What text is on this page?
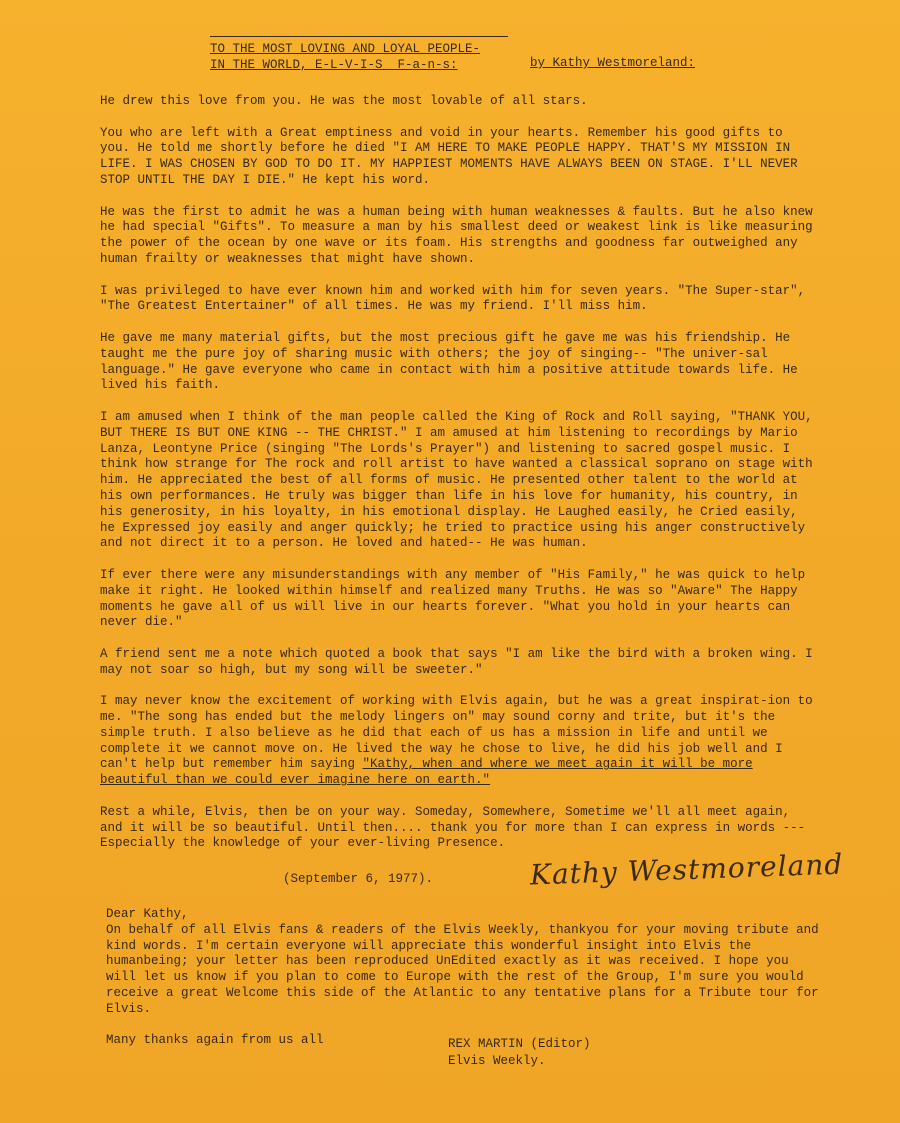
TO THE MOST LOVING AND LOYAL PEOPLE-
IN THE WORLD, E-L-V-I-S  F-a-n-s:	by Kathy Westmoreland:

He drew this love from you. He was the most lovable of all stars.

You who are left with a Great emptiness and void in your hearts. Remember his good gifts to you. He told me shortly before he died "I AM HERE TO MAKE PEOPLE HAPPY. THAT'S MY MISSION IN LIFE. I WAS CHOSEN BY GOD TO DO IT. MY HAPPIEST MOMENTS HAVE ALWAYS BEEN ON STAGE. I'LL NEVER STOP UNTIL THE DAY I DIE." He kept his word.

He was the first to admit he was a human being with human weaknesses & faults. But he also knew he had special "Gifts". To measure a man by his smallest deed or weakest link is like measuring the power of the ocean by one wave or its foam. His strengths and goodness far outweighed any human frailty or weaknesses that might have shown.

I was privileged to have ever known him and worked with him for seven years. "The Super-star", "The Greatest Entertainer" of all times. He was my friend. I'll miss him.

He gave me many material gifts, but the most precious gift he gave me was his friendship. He taught me the pure joy of sharing music with others; the joy of singing-- "The univer-sal language." He gave everyone who came in contact with him a positive attitude towards life. He lived his faith.

I am amused when I think of the man people called the King of Rock and Roll saying, "THANK YOU, BUT THERE IS BUT ONE KING -- THE CHRIST." I am amused at him listening to recordings by Mario Lanza, Leontyne Price (singing "The Lords's Prayer") and listening to sacred gospel music. I think how strange for The rock and roll artist to have wanted a classical soprano on stage with him. He appreciated the best of all forms of music. He presented other talent to the world at his own performances. He truly was bigger than life in his love for humanity, his country, in his generosity, in his loyalty, in his emotional display. He Laughed easily, he Cried easily, he Expressed joy easily and anger quickly; he tried to practice using his anger constructively and not direct it to a person. He loved and hated-- He was human.

If ever there were any misunderstandings with any member of "His Family," he was quick to help make it right. He looked within himself and realized many Truths. He was so "Aware" The Happy moments he gave all of us will live in our hearts forever. "What you hold in your hearts can never die."

A friend sent me a note which quoted a book that says "I am like the bird with a broken wing. I may not soar so high, but my song will be sweeter."

I may never know the excitement of working with Elvis again, but he was a great inspirat-ion to me. "The song has ended but the melody lingers on" may sound corny and trite, but it's the simple truth. I also believe as he did that each of us has a mission in life and until we complete it we cannot move on. He lived the way he chose to live, he did his job well and I can't help but remember him saying "Kathy, when and where we meet again it will be more beautiful than we could ever imagine here on earth."

Rest a while, Elvis, then be on your way. Someday, Somewhere, Sometime we'll all meet again, and it will be so beautiful. Until then.... thank you for more than I can express in words --- Especially the knowledge of your ever-living Presence.

(September 6, 1977).	Kathy Westmoreland
Dear Kathy,

On behalf of all Elvis fans & readers of the Elvis Weekly, thankyou for your moving tribute and kind words. I'm certain everyone will appreciate this wonderful insight into Elvis the humanbeing; your letter has been reproduced UnEdited exactly as it was received. I hope you will let us know if you plan to come to Europe with the rest of the Group, I'm sure you would receive a great Welcome this side of the Atlantic to any tentative plans for a Tribute tour for Elvis.

Many thanks again from us all	REX MARTIN (Editor)
Elvis Weekly.
